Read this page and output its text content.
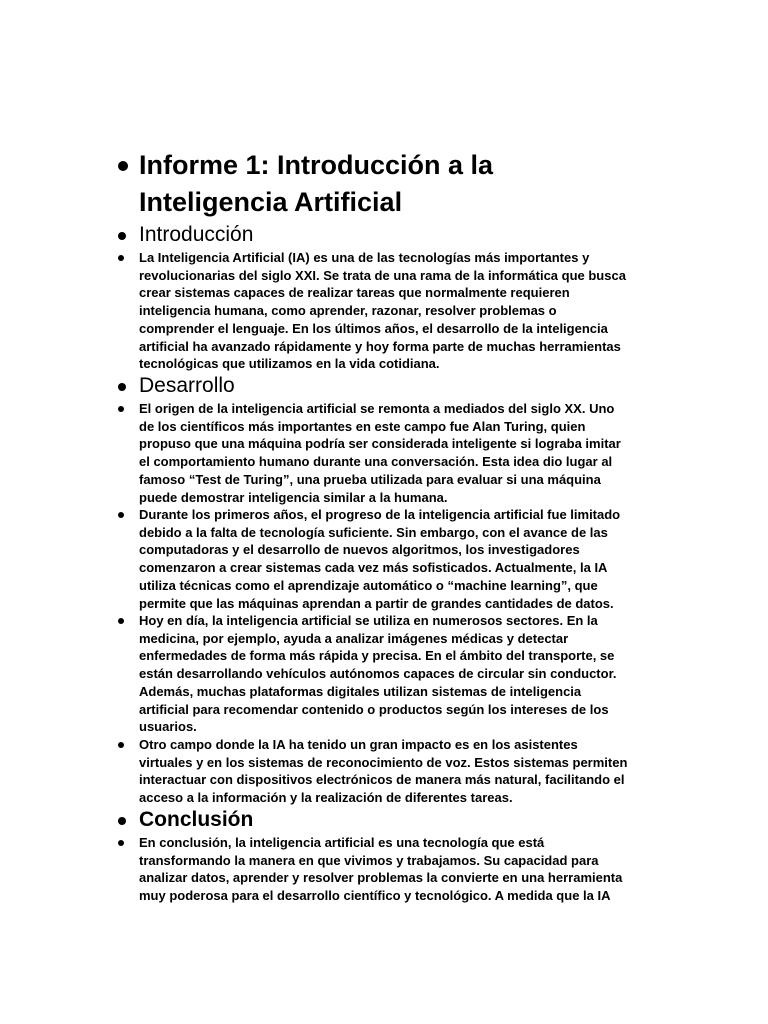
Informe 1: Introducción a la
Inteligencia Artificial
Introducción

La Inteligencia Artificial (IA) es una de las tecnologías más importantes y
revolucionarias del siglo XXI. Se trata de una rama de la informática que busca
crear sistemas capaces de realizar tareas que normalmente requieren
inteligencia humana, como aprender, razonar, resolver problemas o
comprender el lenguaje. En los últimos años, el desarrollo de la inteligencia
artificial ha avanzado rápidamente y hoy forma parte de muchas herramientas
tecnológicas que utilizamos en la vida cotidiana.

Desarrollo

El origen de la inteligencia artificial se remonta a mediados del siglo XX. Uno
de los científicos más importantes en este campo fue Alan Turing, quien
propuso que una máquina podría ser considerada inteligente si lograba imitar
el comportamiento humano durante una conversación. Esta idea dio lugar al
famoso “Test de Turing”, una prueba utilizada para evaluar si una máquina
puede demostrar inteligencia similar a la humana.

Durante los primeros años, el progreso de la inteligencia artificial fue limitado
debido a la falta de tecnología suficiente. Sin embargo, con el avance de las
computadoras y el desarrollo de nuevos algoritmos, los investigadores
comenzaron a crear sistemas cada vez más sofisticados. Actualmente, la IA
utiliza técnicas como el aprendizaje automático o “machine learning”, que
permite que las máquinas aprendan a partir de grandes cantidades de datos.

Hoy en día, la inteligencia artificial se utiliza en numerosos sectores. En la
medicina, por ejemplo, ayuda a analizar imágenes médicas y detectar
enfermedades de forma más rápida y precisa. En el ámbito del transporte, se
están desarrollando vehículos autónomos capaces de circular sin conductor.
Además, muchas plataformas digitales utilizan sistemas de inteligencia
artificial para recomendar contenido o productos según los intereses de los
usuarios.

Otro campo donde la IA ha tenido un gran impacto es en los asistentes
virtuales y en los sistemas de reconocimiento de voz. Estos sistemas permiten
interactuar con dispositivos electrónicos de manera más natural, facilitando el
acceso a la información y la realización de diferentes tareas.

Conclusión

En conclusión, la inteligencia artificial es una tecnología que está
transformando la manera en que vivimos y trabajamos. Su capacidad para
analizar datos, aprender y resolver problemas la convierte en una herramienta
muy poderosa para el desarrollo científico y tecnológico. A medida que la IA
